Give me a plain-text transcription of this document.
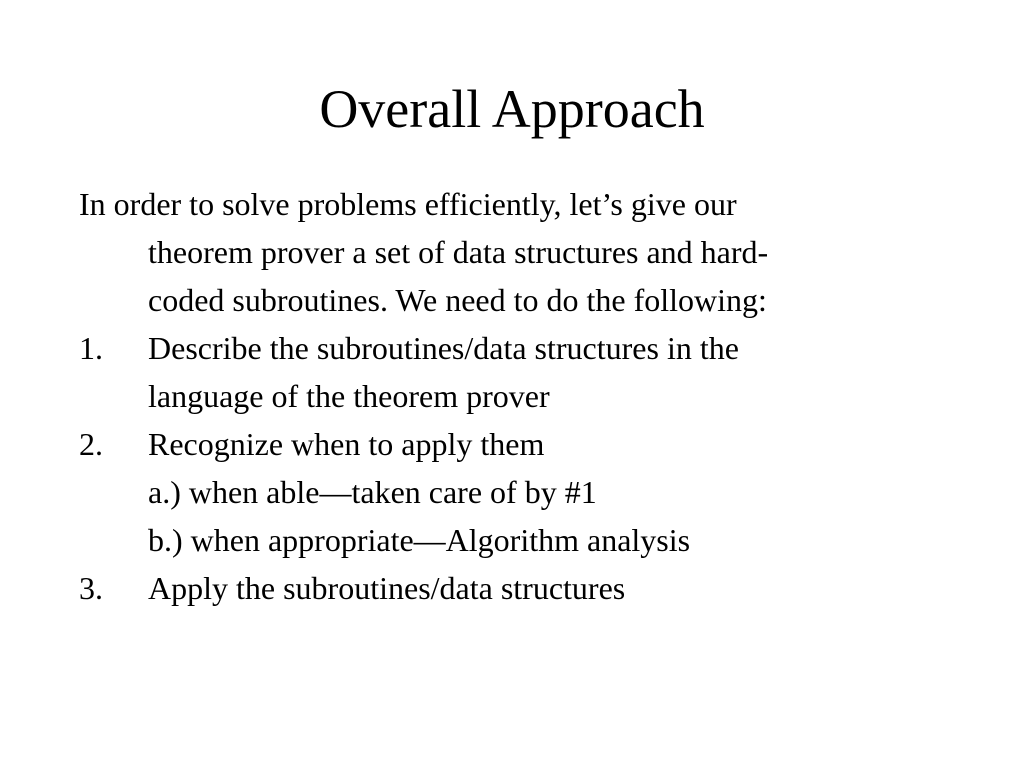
Overall Approach
In order to solve problems efficiently, let’s give our
theorem prover a set of data structures and hard-
coded subroutines. We need to do the following:
1.	Describe the subroutines/data structures in the
language of the theorem prover
2.	Recognize when to apply them
a.) when able—taken care of by #1
b.) when appropriate—Algorithm analysis
3.	Apply the subroutines/data structures
